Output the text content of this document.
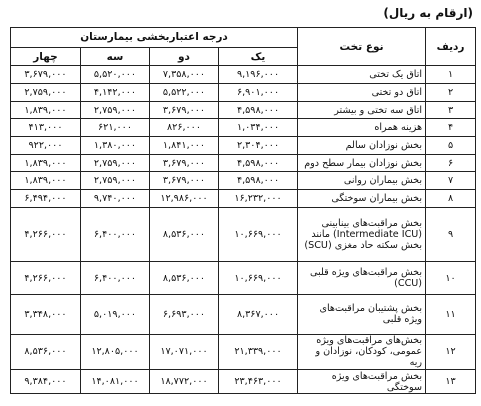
(ارقام به ریال)
درجه اعتباربخشی بیمارستان				نوع تخت	ردیف
چهار	سه	دو	یک		
۳,۶۷۹,۰۰۰	۵,۵۲۰,۰۰۰	۷,۳۵۸,۰۰۰	۹,۱۹۶,۰۰۰	اتاق یک تختی	۱
۲,۷۵۹,۰۰۰	۴,۱۴۲,۰۰۰	۵,۵۲۲,۰۰۰	۶,۹۰۱,۰۰۰	اتاق دو تختی	۲
۱,۸۳۹,۰۰۰	۲,۷۵۹,۰۰۰	۳,۶۷۹,۰۰۰	۴,۵۹۸,۰۰۰	اتاق سه تختی و بیشتر	۳
۴۱۳,۰۰۰	۶۲۱,۰۰۰	۸۲۶,۰۰۰	۱,۰۳۴,۰۰۰	هزینه همراه	۴
۹۲۲,۰۰۰	۱,۳۸۰,۰۰۰	۱,۸۴۱,۰۰۰	۲,۳۰۴,۰۰۰	بخش نوزادان سالم	۵
۱,۸۳۹,۰۰۰	۲,۷۵۹,۰۰۰	۳,۶۷۹,۰۰۰	۴,۵۹۸,۰۰۰	بخش نوزادان بیمار سطح دوم	۶
۱,۸۳۹,۰۰۰	۲,۷۵۹,۰۰۰	۳,۶۷۹,۰۰۰	۴,۵۹۸,۰۰۰	بخش بیماران روانی	۷
۶,۴۹۴,۰۰۰	۹,۷۴۰,۰۰۰	۱۲,۹۸۶,۰۰۰	۱۶,۲۳۲,۰۰۰	بخش بیماران سوختگی	۸
۴,۲۶۶,۰۰۰	۶,۴۰۰,۰۰۰	۸,۵۳۶,۰۰۰	۱۰,۶۶۹,۰۰۰	بخش مراقبت‌های بینابینی (Intermediate ICU) مانند بخش سکته حاد مغزی (SCU)	۹
۴,۲۶۶,۰۰۰	۶,۴۰۰,۰۰۰	۸,۵۳۶,۰۰۰	۱۰,۶۶۹,۰۰۰	بخش مراقبت‌های ویژه قلبی (CCU)	۱۰
۳,۳۴۸,۰۰۰	۵,۰۱۹,۰۰۰	۶,۶۹۳,۰۰۰	۸,۳۶۷,۰۰۰	بخش پشتیبان مراقبت‌های ویژه قلبی	۱۱
۸,۵۳۶,۰۰۰	۱۲,۸۰۵,۰۰۰	۱۷,۰۷۱,۰۰۰	۲۱,۳۳۹,۰۰۰	بخش‌های مراقبت‌های ویژه عمومی، کودکان، نوزادان و ریه	۱۲
۹,۳۸۴,۰۰۰	۱۴,۰۸۱,۰۰۰	۱۸,۷۷۲,۰۰۰	۲۳,۴۶۳,۰۰۰	بخش مراقبت‌های ویژه سوختگی	۱۳
